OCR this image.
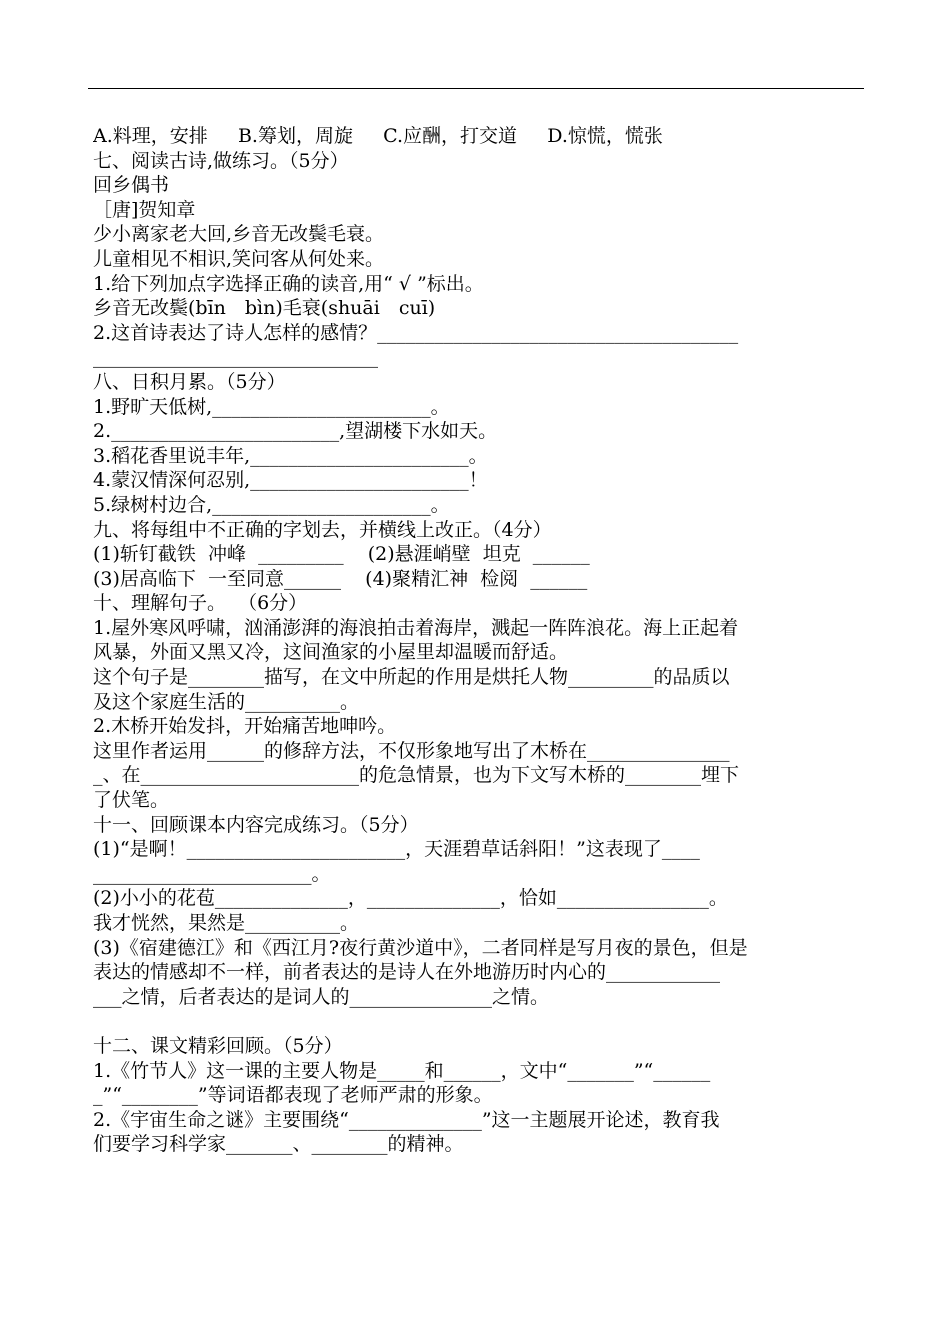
A.料理，安排     B.筹划，周旋     C.应酬，打交道     D.惊慌，慌张
七、阅读古诗,做练习。（5分）
回乡偶书
［唐]贺知章
少小离家老大回,乡音无改鬓毛衰。
儿童相见不相识,笑问客从何处来。
1.给下列加点字选择正确的读音,用“ √ ”标出。
乡音无改鬓(bīn　bìn)毛衰(shuāi　cuī)
2.这首诗表达了诗人怎样的感情？______________________________________
______________________________
八、日积月累。（5分）
1.野旷天低树,_______________________。
2.________________________,望湖楼下水如天。
3.稻花香里说丰年,_______________________。
4.蒙汉情深何忍别,_______________________！
5.绿树村边合,_______________________。
九、将每组中不正确的字划去，并横线上改正。（4分）
(1)斩钉截铁  冲峰  _________    (2)悬涯峭壁  坦克  ______
(3)居高临下  一至同意______    (4)聚精汇神  检阅  ______
十、理解句子。  （6分）
1.屋外寒风呼啸，汹涌澎湃的海浪拍击着海岸，溅起一阵阵浪花。海上正起着
风暴，外面又黑又冷，这间渔家的小屋里却温暖而舒适。
这个句子是________描写，在文中所起的作用是烘托人物_________的品质以
及这个家庭生活的__________。
2.木桥开始发抖，开始痛苦地呻吟。
这里作者运用______的修辞方法，不仅形象地写出了木桥在_______________
_、在_______________________的危急情景，也为下文写木桥的________埋下
了伏笔。
十一、回顾课本内容完成练习。（5分）
(1)“是啊！_______________________，天涯碧草话斜阳！”这表现了____
_______________________。
(2)小小的花苞______________，______________，恰如________________。
我才恍然，果然是__________。
(3)《宿建德江》和《西江月?夜行黄沙道中》，二者同样是写月夜的景色，但是
表达的情感却不一样，前者表达的是诗人在外地游历时内心的____________
___之情，后者表达的是词人的_______________之情。
十二、课文精彩回顾。（5分）
1.《竹节人》这一课的主要人物是_____和______，文中“_______”“______
_”“________”等词语都表现了老师严肃的形象。
2.《宇宙生命之谜》主要围绕“______________”这一主题展开论述，教育我
们要学习科学家_______、________的精神。
